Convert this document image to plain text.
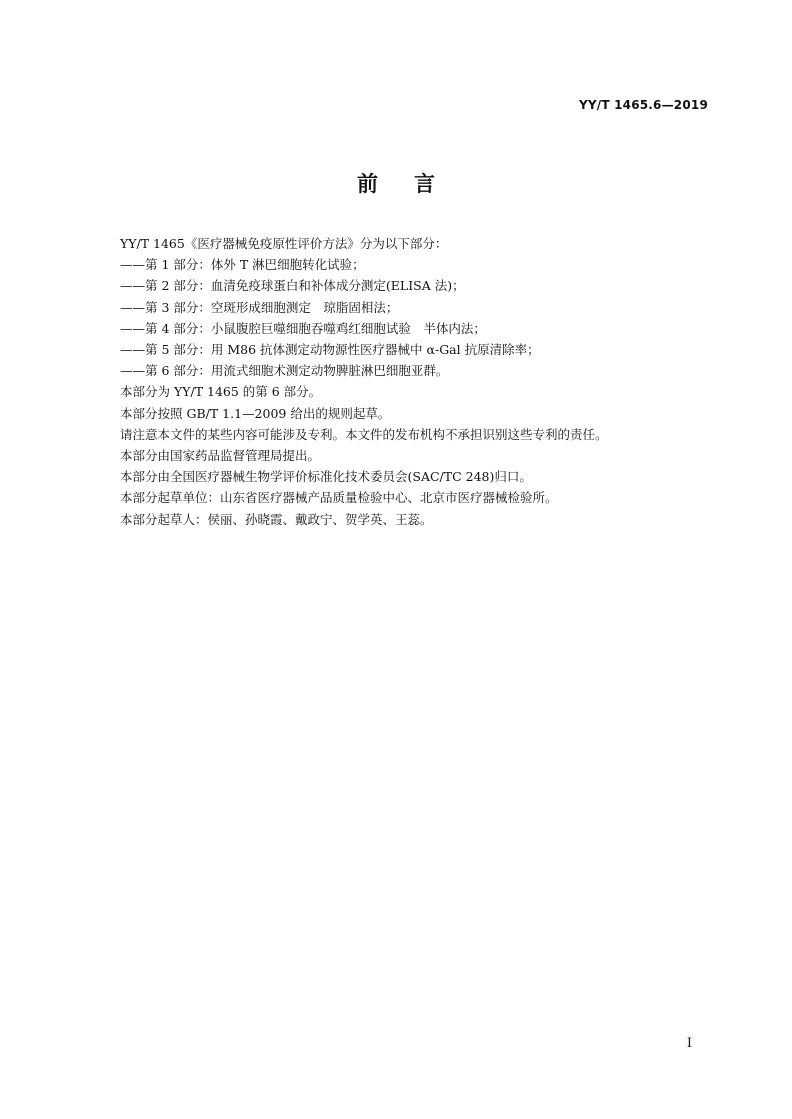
YY/T 1465.6—2019
前言
YY/T 1465《医疗器械免疫原性评价方法》分为以下部分：
——第 1 部分：体外 T 淋巴细胞转化试验；
——第 2 部分：血清免疫球蛋白和补体成分测定(ELISA 法)；
——第 3 部分：空斑形成细胞测定　琼脂固相法；
——第 4 部分：小鼠腹腔巨噬细胞吞噬鸡红细胞试验　半体内法；
——第 5 部分：用 M86 抗体测定动物源性医疗器械中 α-Gal 抗原清除率；
——第 6 部分：用流式细胞术测定动物脾脏淋巴细胞亚群。
本部分为 YY/T 1465 的第 6 部分。
本部分按照 GB/T 1.1—2009 给出的规则起草。
请注意本文件的某些内容可能涉及专利。本文件的发布机构不承担识别这些专利的责任。
本部分由国家药品监督管理局提出。
本部分由全国医疗器械生物学评价标准化技术委员会(SAC/TC 248)归口。
本部分起草单位：山东省医疗器械产品质量检验中心、北京市医疗器械检验所。
本部分起草人：侯丽、孙晓霞、戴政宁、贺学英、王蕊。
I
